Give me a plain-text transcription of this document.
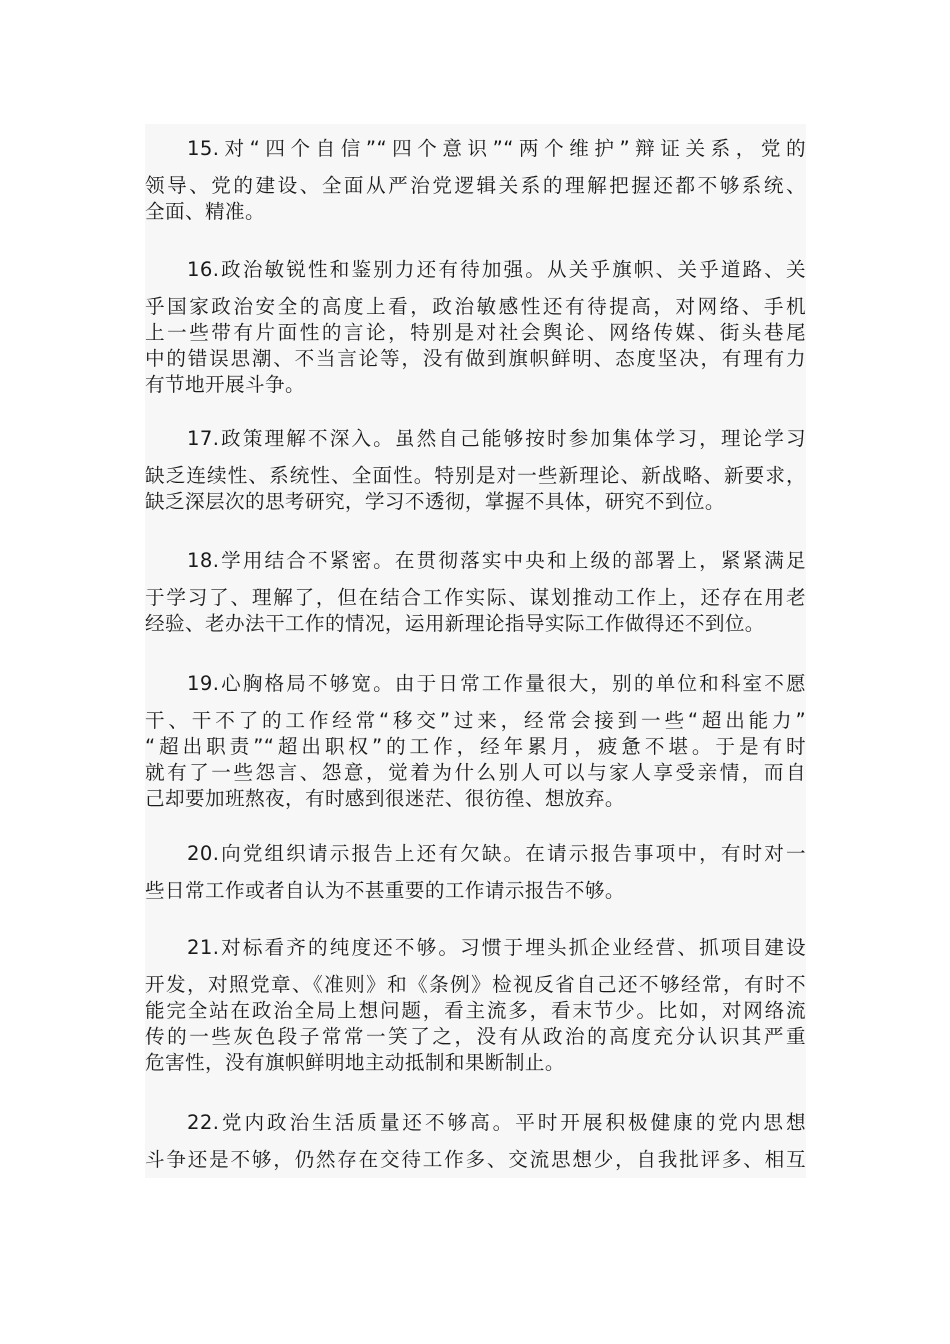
15.对“四个自信”“四个意识”“两个维护”辩证关系，党的
领导、党的建设、全面从严治党逻辑关系的理解把握还都不够系统、
全面、精准。
16.政治敏锐性和鉴别力还有待加强。从关乎旗帜、关乎道路、关
乎国家政治安全的高度上看，政治敏感性还有待提高，对网络、手机
上一些带有片面性的言论，特别是对社会舆论、网络传媒、街头巷尾
中的错误思潮、不当言论等，没有做到旗帜鲜明、态度坚决，有理有力
有节地开展斗争。
17.政策理解不深入。虽然自己能够按时参加集体学习，理论学习
缺乏连续性、系统性、全面性。特别是对一些新理论、新战略、新要求，
缺乏深层次的思考研究，学习不透彻，掌握不具体，研究不到位。
18.学用结合不紧密。在贯彻落实中央和上级的部署上，紧紧满足
于学习了、理解了，但在结合工作实际、谋划推动工作上，还存在用老
经验、老办法干工作的情况，运用新理论指导实际工作做得还不到位。
19.心胸格局不够宽。由于日常工作量很大，别的单位和科室不愿
干、干不了的工作经常“移交”过来，经常会接到一些“超出能力”
“超出职责”“超出职权”的工作，经年累月，疲惫不堪。于是有时
就有了一些怨言、怨意，觉着为什么别人可以与家人享受亲情，而自
己却要加班熬夜，有时感到很迷茫、很彷徨、想放弃。
20.向党组织请示报告上还有欠缺。在请示报告事项中，有时对一
些日常工作或者自认为不甚重要的工作请示报告不够。
21.对标看齐的纯度还不够。习惯于埋头抓企业经营、抓项目建设
开发，对照党章、《准则》和《条例》检视反省自己还不够经常，有时不
能完全站在政治全局上想问题，看主流多，看末节少。比如，对网络流
传的一些灰色段子常常一笑了之，没有从政治的高度充分认识其严重
危害性，没有旗帜鲜明地主动抵制和果断制止。
22.党内政治生活质量还不够高。平时开展积极健康的党内思想
斗争还是不够，仍然存在交待工作多、交流思想少，自我批评多、相互
